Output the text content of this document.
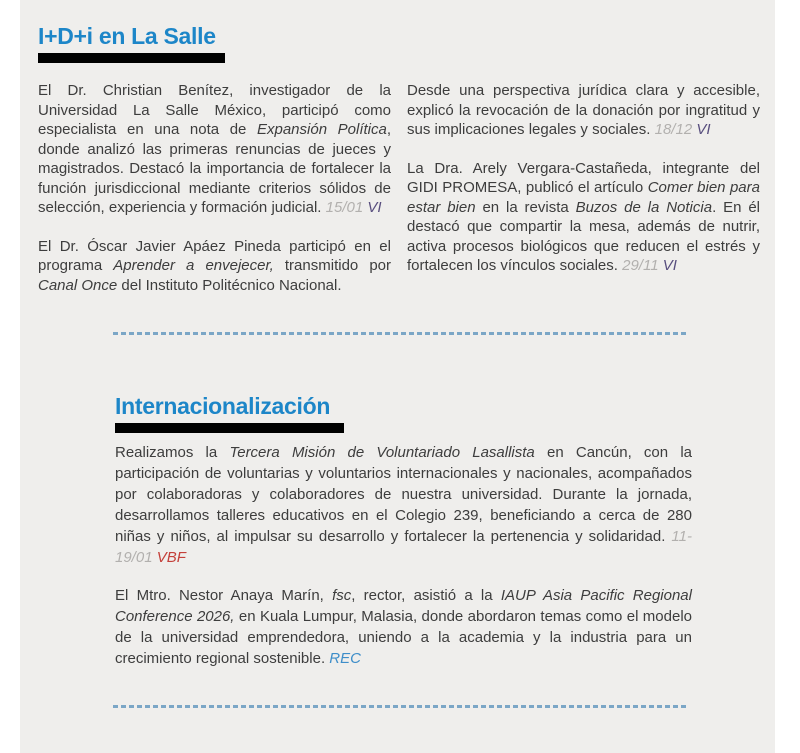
I+D+i en La Salle

El Dr. Christian Benítez, investigador de la Universidad La Salle México, participó como especialista en una nota de Expansión Política, donde analizó las primeras renuncias de jueces y magistrados. Destacó la importancia de fortalecer la función jurisdiccional mediante criterios sólidos de selección, experiencia y formación judicial. 15/01 VI

El Dr. Óscar Javier Apáez Pineda participó en el programa Aprender a envejecer, transmitido por Canal Once del Instituto Politécnico Nacional.

Desde una perspectiva jurídica clara y accesible, explicó la revocación de la donación por ingratitud y sus implicaciones legales y sociales. 18/12 VI

La Dra. Arely Vergara-Castañeda, integrante del GIDI PROMESA, publicó el artículo Comer bien para estar bien en la revista Buzos de la Noticia. En él destacó que compartir la mesa, además de nutrir, activa procesos biológicos que reducen el estrés y fortalecen los vínculos sociales. 29/11 VI

Internacionalización

Realizamos la Tercera Misión de Voluntariado Lasallista en Cancún, con la participación de voluntarias y voluntarios internacionales y nacionales, acompañados por colaboradoras y colaboradores de nuestra universidad. Durante la jornada, desarrollamos talleres educativos en el Colegio 239, beneficiando a cerca de 280 niñas y niños, al impulsar su desarrollo y fortalecer la pertenencia y solidaridad. 11-19/01 VBF

El Mtro. Nestor Anaya Marín, fsc, rector, asistió a la IAUP Asia Pacific Regional Conference 2026, en Kuala Lumpur, Malasia, donde abordaron temas como el modelo de la universidad emprendedora, uniendo a la academia y la industria para un crecimiento regional sostenible. REC
